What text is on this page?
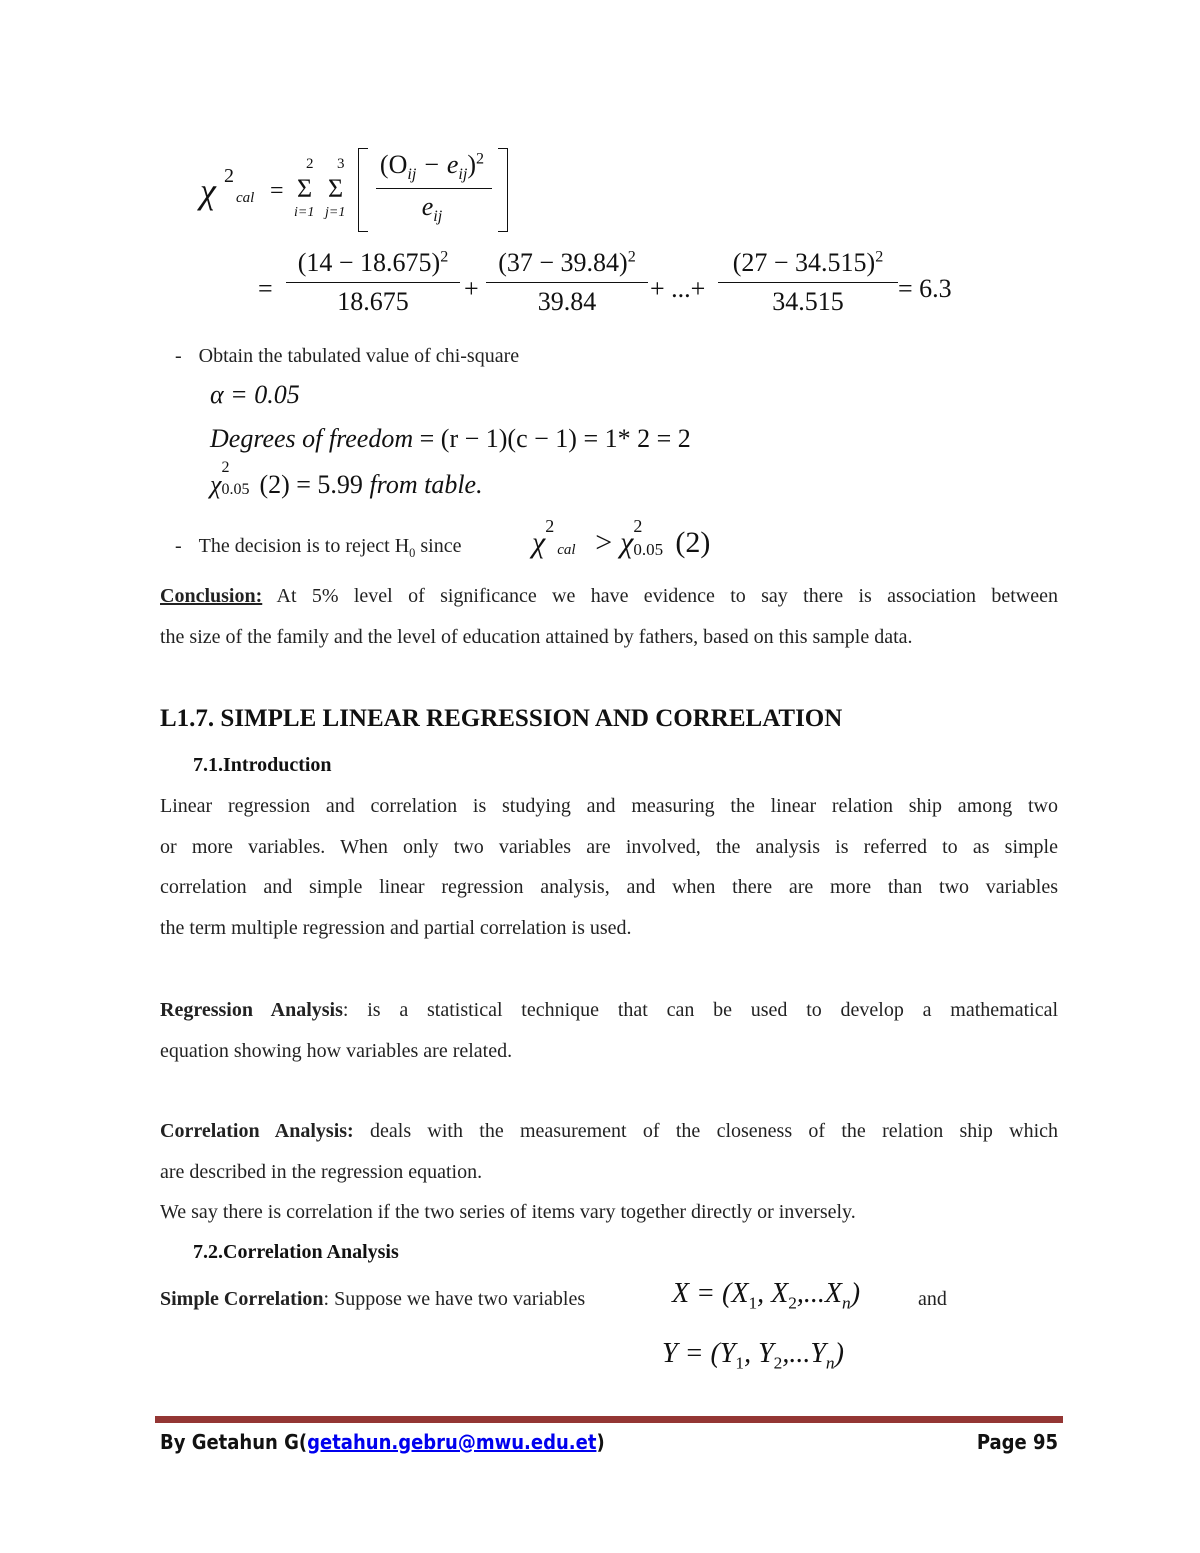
χ 2
cal =
2
Σ
i=1
3
Σ
j=1
$(O_{ij} - e_{ij})^2$
$e_{ij}$
=
$(14 - 18.675)^2$
18.675	+
$(37 - 39.84)^2$
39.84	+ ...+
$(27 - 34.515)^2$
34.515	= 6.3
- Obtain the tabulated value of chi-square
α = 0.05
Degrees of freedom = (r − 1)(c − 1) = 1* 2 = 2
χ
2
0.05 (2) = 5.99 from table.
- The decision is to reject $H_0$ since χ 2
cal > χ 2
0.05 (2)
Conclusion: At 5% level of significance we have evidence to say there is association between
the size of the family and the level of education attained by fathers, based on this sample data.
L1.7. SIMPLE LINEAR REGRESSION AND CORRELATION
7.1.Introduction
Linear regression and correlation is studying and measuring the linear relation ship among two
or more variables. When only two variables are involved, the analysis is referred to as simple
correlation and simple linear regression analysis, and when there are more than two variables
the term multiple regression and partial correlation is used.
Regression Analysis: is a statistical technique that can be used to develop a mathematical
equation showing how variables are related.
Correlation Analysis: deals with the measurement of the closeness of the relation ship which
are described in the regression equation.
We say there is correlation if the two series of items vary together directly or inversely.
7.2.Correlation Analysis
Simple Correlation: Suppose we have two variables	$X = (X_1$, $X_2,...X_n$)	and
$Y = (Y_1$, $Y_2,...Y_n$)
By Getahun G(getahun.gebru@mwu.edu.et)	Page 95
